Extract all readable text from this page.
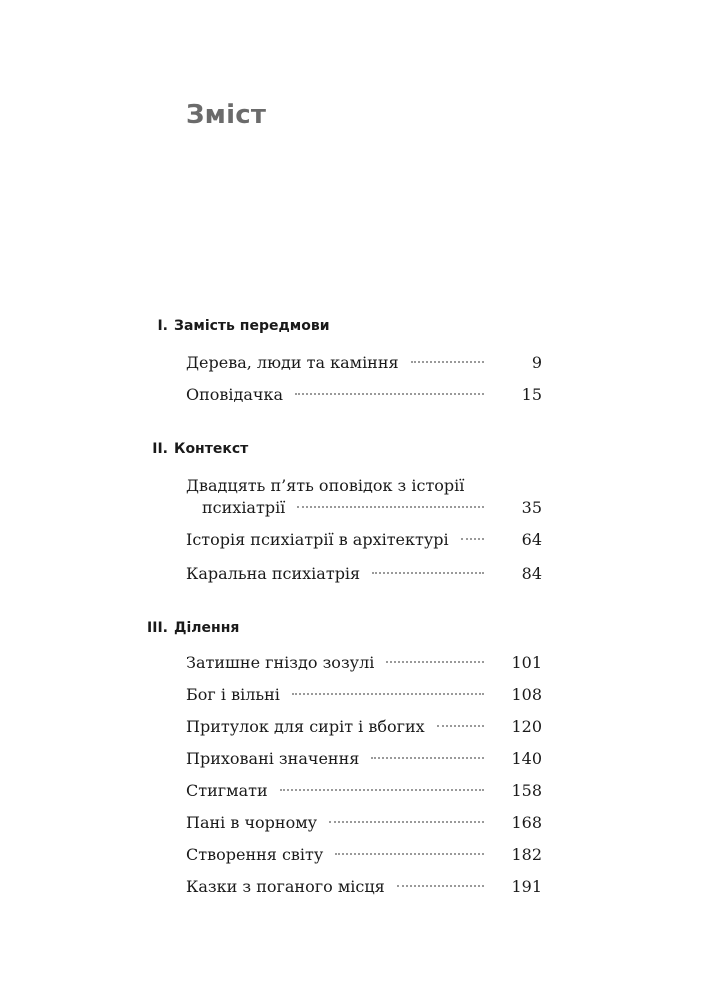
Зміст
I. Замість передмови
Дерева, люди та каміння	9
Оповідачка	15
II. Контекст
Двадцять п’ять оповідок з історії
психіатрії	35
Історія психіатрії в архітектурі	64
Каральна психіатрія	84
III. Ділення
Затишне гніздо зозулі	101
Бог і вільні	108
Притулок для сиріт і вбогих	120
Приховані значення	140
Стигмати	158
Пані в чорному	168
Створення світу	182
Казки з поганого місця	191
